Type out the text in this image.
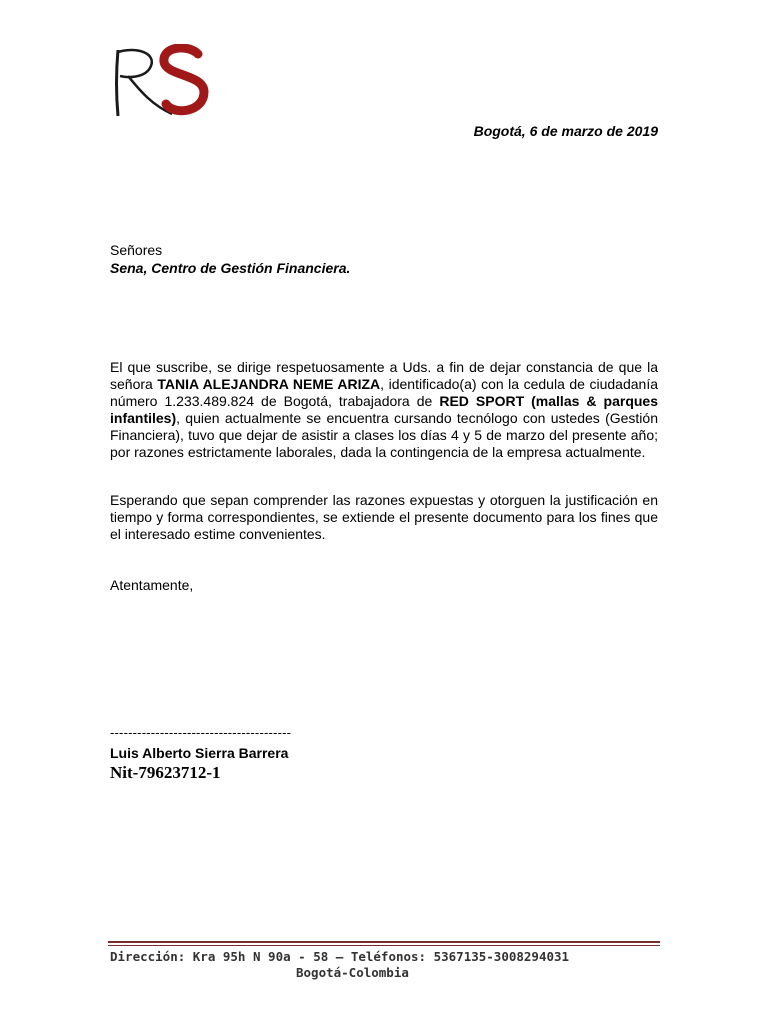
Bogotá, 6 de marzo de 2019
Señores
Sena, Centro de Gestión Financiera.
El que suscribe, se dirige respetuosamente a Uds. a fin de dejar constancia de que la señora TANIA ALEJANDRA NEME ARIZA, identificado(a) con la cedula de ciudadanía número 1.233.489.824 de Bogotá, trabajadora de RED SPORT (mallas & parques infantiles), quien actualmente se encuentra cursando tecnólogo con ustedes (Gestión Financiera), tuvo que dejar de asistir a clases los días 4 y 5 de marzo del presente año; por razones estrictamente laborales, dada la contingencia de la empresa actualmente.
Esperando que sepan comprender las razones expuestas y otorguen la justificación en tiempo y forma correspondientes, se extiende el presente documento para los fines que el interesado estime convenientes.
Atentamente,
----------------------------------------
Luis Alberto Sierra Barrera
Nit-79623712-1
Dirección: Kra 95h N 90a - 58 – Teléfonos: 5367135-3008294031
Bogotá-Colombia
